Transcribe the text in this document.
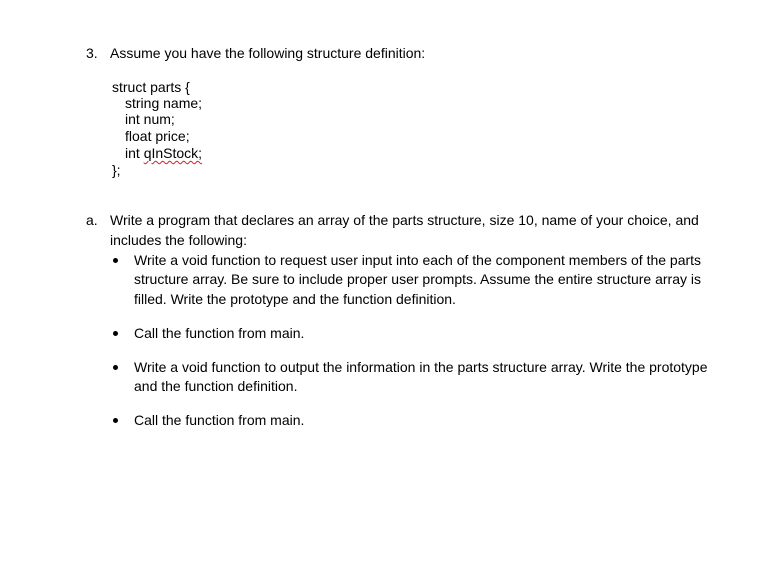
3. Assume you have the following structure definition:
struct parts {
string name;
int num;
float price;
int qInStock;
};
a. Write a program that declares an array of the parts structure, size 10, name of your choice, and
includes the following:
Write a void function to request user input into each of the component members of the parts
structure array. Be sure to include proper user prompts. Assume the entire structure array is
filled. Write the prototype and the function definition.
Call the function from main.
Write a void function to output the information in the parts structure array. Write the prototype
and the function definition.
Call the function from main.
